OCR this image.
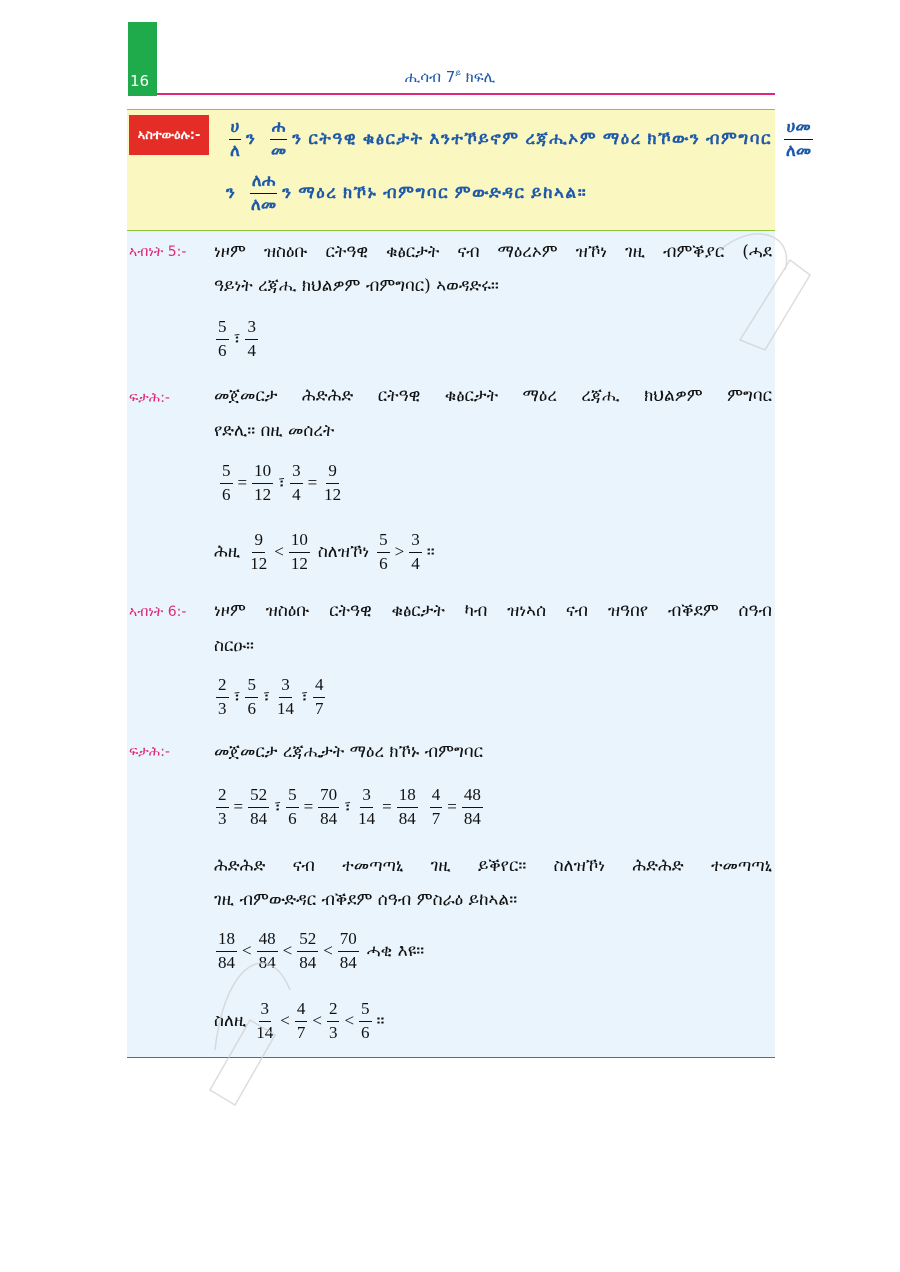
16	ሒሳብ $7^ይ$ ክፍሊ
ኣስተውዕሉ:-	$\frac{\text{ሀ}}{\text{ለ}}$ ን $\frac{\text{ሐ}}{\text{መ}}$ ን ርትዓዊ ቁፅርታት እንተኾይኖም ረጃሒኦም ማዕረ ክኾውን ብምግባር $\frac{\text{ሀመ}}{\text{ለመ}}$
ን $\frac{\text{ለሐ}}{\text{ለመ}}$ ን ማዕረ ክኾኑ ብምግባር ምውድዳር ይከኣል።
ኣብነት 5:- ነዞም ዝስዕቡ ርትዓዊ ቁፅርታት ናብ ማዕረኦም ዝኾነ ገዚ ብምቕያር (ሓደ
ዓይነት ረጃሒ ክህልዎም ብምግባር) ኣወዳድሩ።
$\frac{5}{6}$ ፣ $\frac{3}{4}$
ፍታሕ:-	መጀመርታ ሕድሕድ ርትዓዊ ቁፅርታት ማዕረ ረጃሒ ክህልዎም ምግባር
የድሊ። በዚ መሰረት
$\frac{5}{6} = \frac{10}{12}$ ፣ $\frac{3}{4} = \frac{9}{12}$
ሕዚ $\frac{9}{12} < \frac{10}{12}$ ስለዝኾነ $\frac{5}{6} > \frac{3}{4}$ ።
ኣብነት 6:- ነዞም ዝስዕቡ ርትዓዊ ቁፅርታት ካብ ዝነኣሰ ናብ ዝዓበየ ብቕደም ሰዓብ
ስርዑ።
$\frac{2}{3}$ ፣ $\frac{5}{6}$ ፣ $\frac{3}{14}$ ፣ $\frac{4}{7}$
ፍታሕ:-	መጀመርታ ረጃሒታት ማዕረ ክኾኑ ብምግባር
$\frac{2}{3} = \frac{52}{84}$ ፣ $\frac{5}{6} = \frac{70}{84}$ ፣ $\frac{3}{14} = \frac{18}{84} \frac{4}{7} = \frac{48}{84}$
ሕድሕድ ናብ ተመጣጣኒ ገዚ ይቕየር። ስለዝኾነ ሕድሕድ ተመጣጣኒ
ገዚ ብምውድዳር ብቕደም ሰዓብ ምስራዕ ይከኣል።
$\frac{18}{84} < \frac{48}{84} < \frac{52}{84} < \frac{70}{84}$ ሓቂ እዩ።
ስለዚ $\frac{3}{14} < \frac{4}{7} < \frac{2}{3} < \frac{5}{6}$ ።
